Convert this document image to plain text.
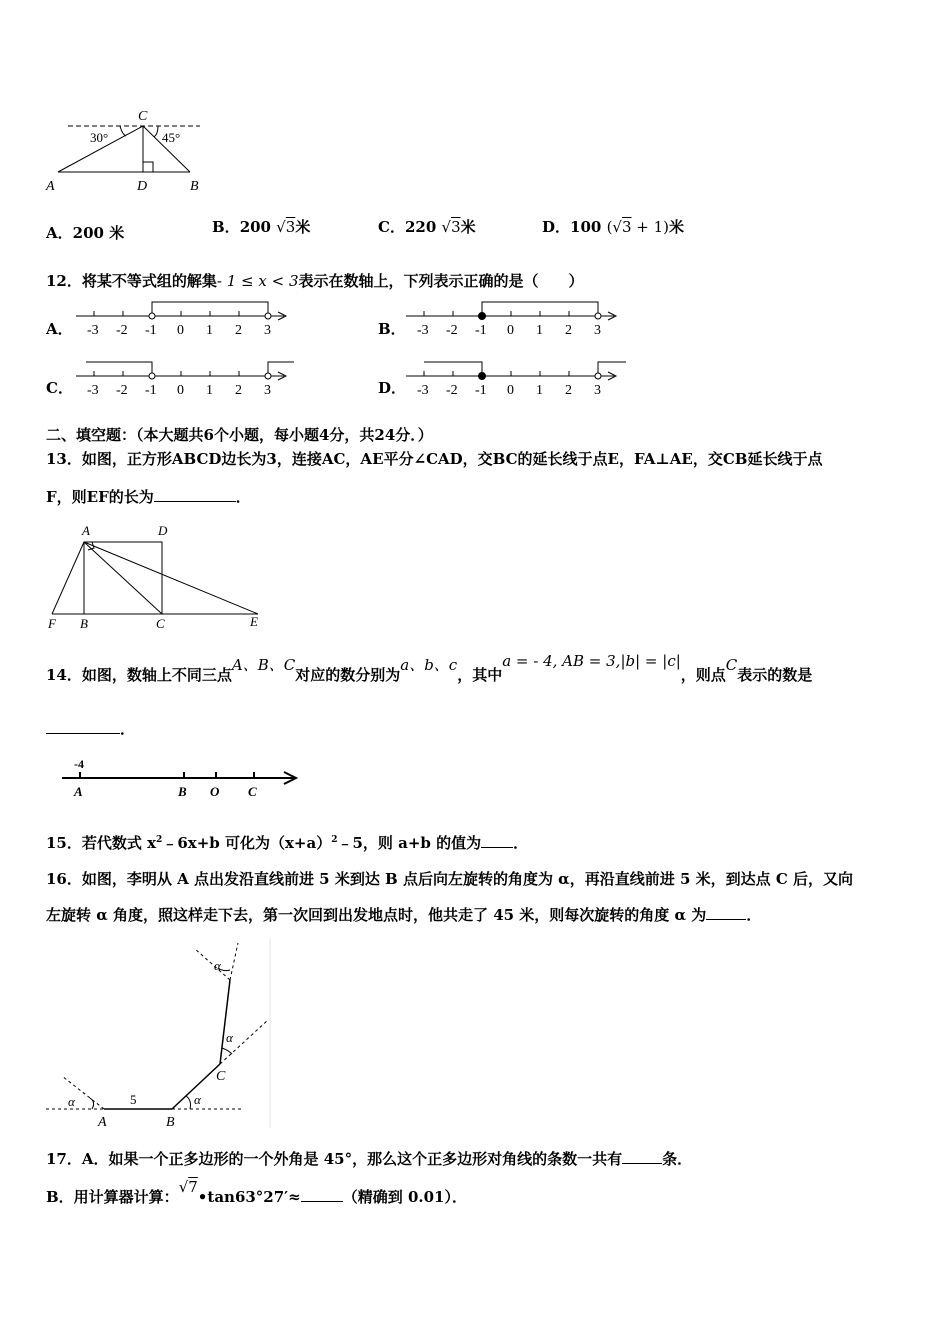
C
30°	45°
A	D	B
A．200 米	B．200 √3米	C．220 √3米	D．100 (√3 + 1)米
12．将某不等式组的解集- 1 ≤ x < 3表示在数轴上，下列表示正确的是（　　）
A．	B．
C．	D．
-3 -2 -1 0 1 2 3	-3 -2 -1 0 1 2 3
-3 -2 -1 0 1 2 3	-3 -2 -1 0 1 2 3
二、填空题：（本大题共6个小题，每小题4分，共24分．）
13．如图，正方形ABCD边长为3，连接AC，AE平分∠CAD，交BC的延长线于点E，FA⊥AE，交CB延长线于点
F，则EF的长为	．
A	D
F B	C	E
14．如图，数轴上不同三点A、B、C对应的数分别为a、b、c，其中a = - 4, AB = 3,|b| = |c|，则点C表示的数是
．
-4
A	B O C
15．若代数式 $x^2﹣6x+b$ 可化为$(x+a)^2﹣5$，则 a+b 的值为 ．
16．如图，李明从 A 点出发沿直线前进 5 米到达 B 点后向左旋转的角度为 α，再沿直线前进 5 米，到达点 C 后，又向
左旋转 α 角度，照这样走下去，第一次回到出发地点时，他共走了 45 米，则每次旋转的角度 α 为	．
α	5	α
α
α
A	B
C
17．A．如果一个正多边形的一个外角是 45°，那么这个正多边形对角线的条数一共有	条．
B．用计算器计算：√7•tan63°27′≈	（精确到 0.01）．
